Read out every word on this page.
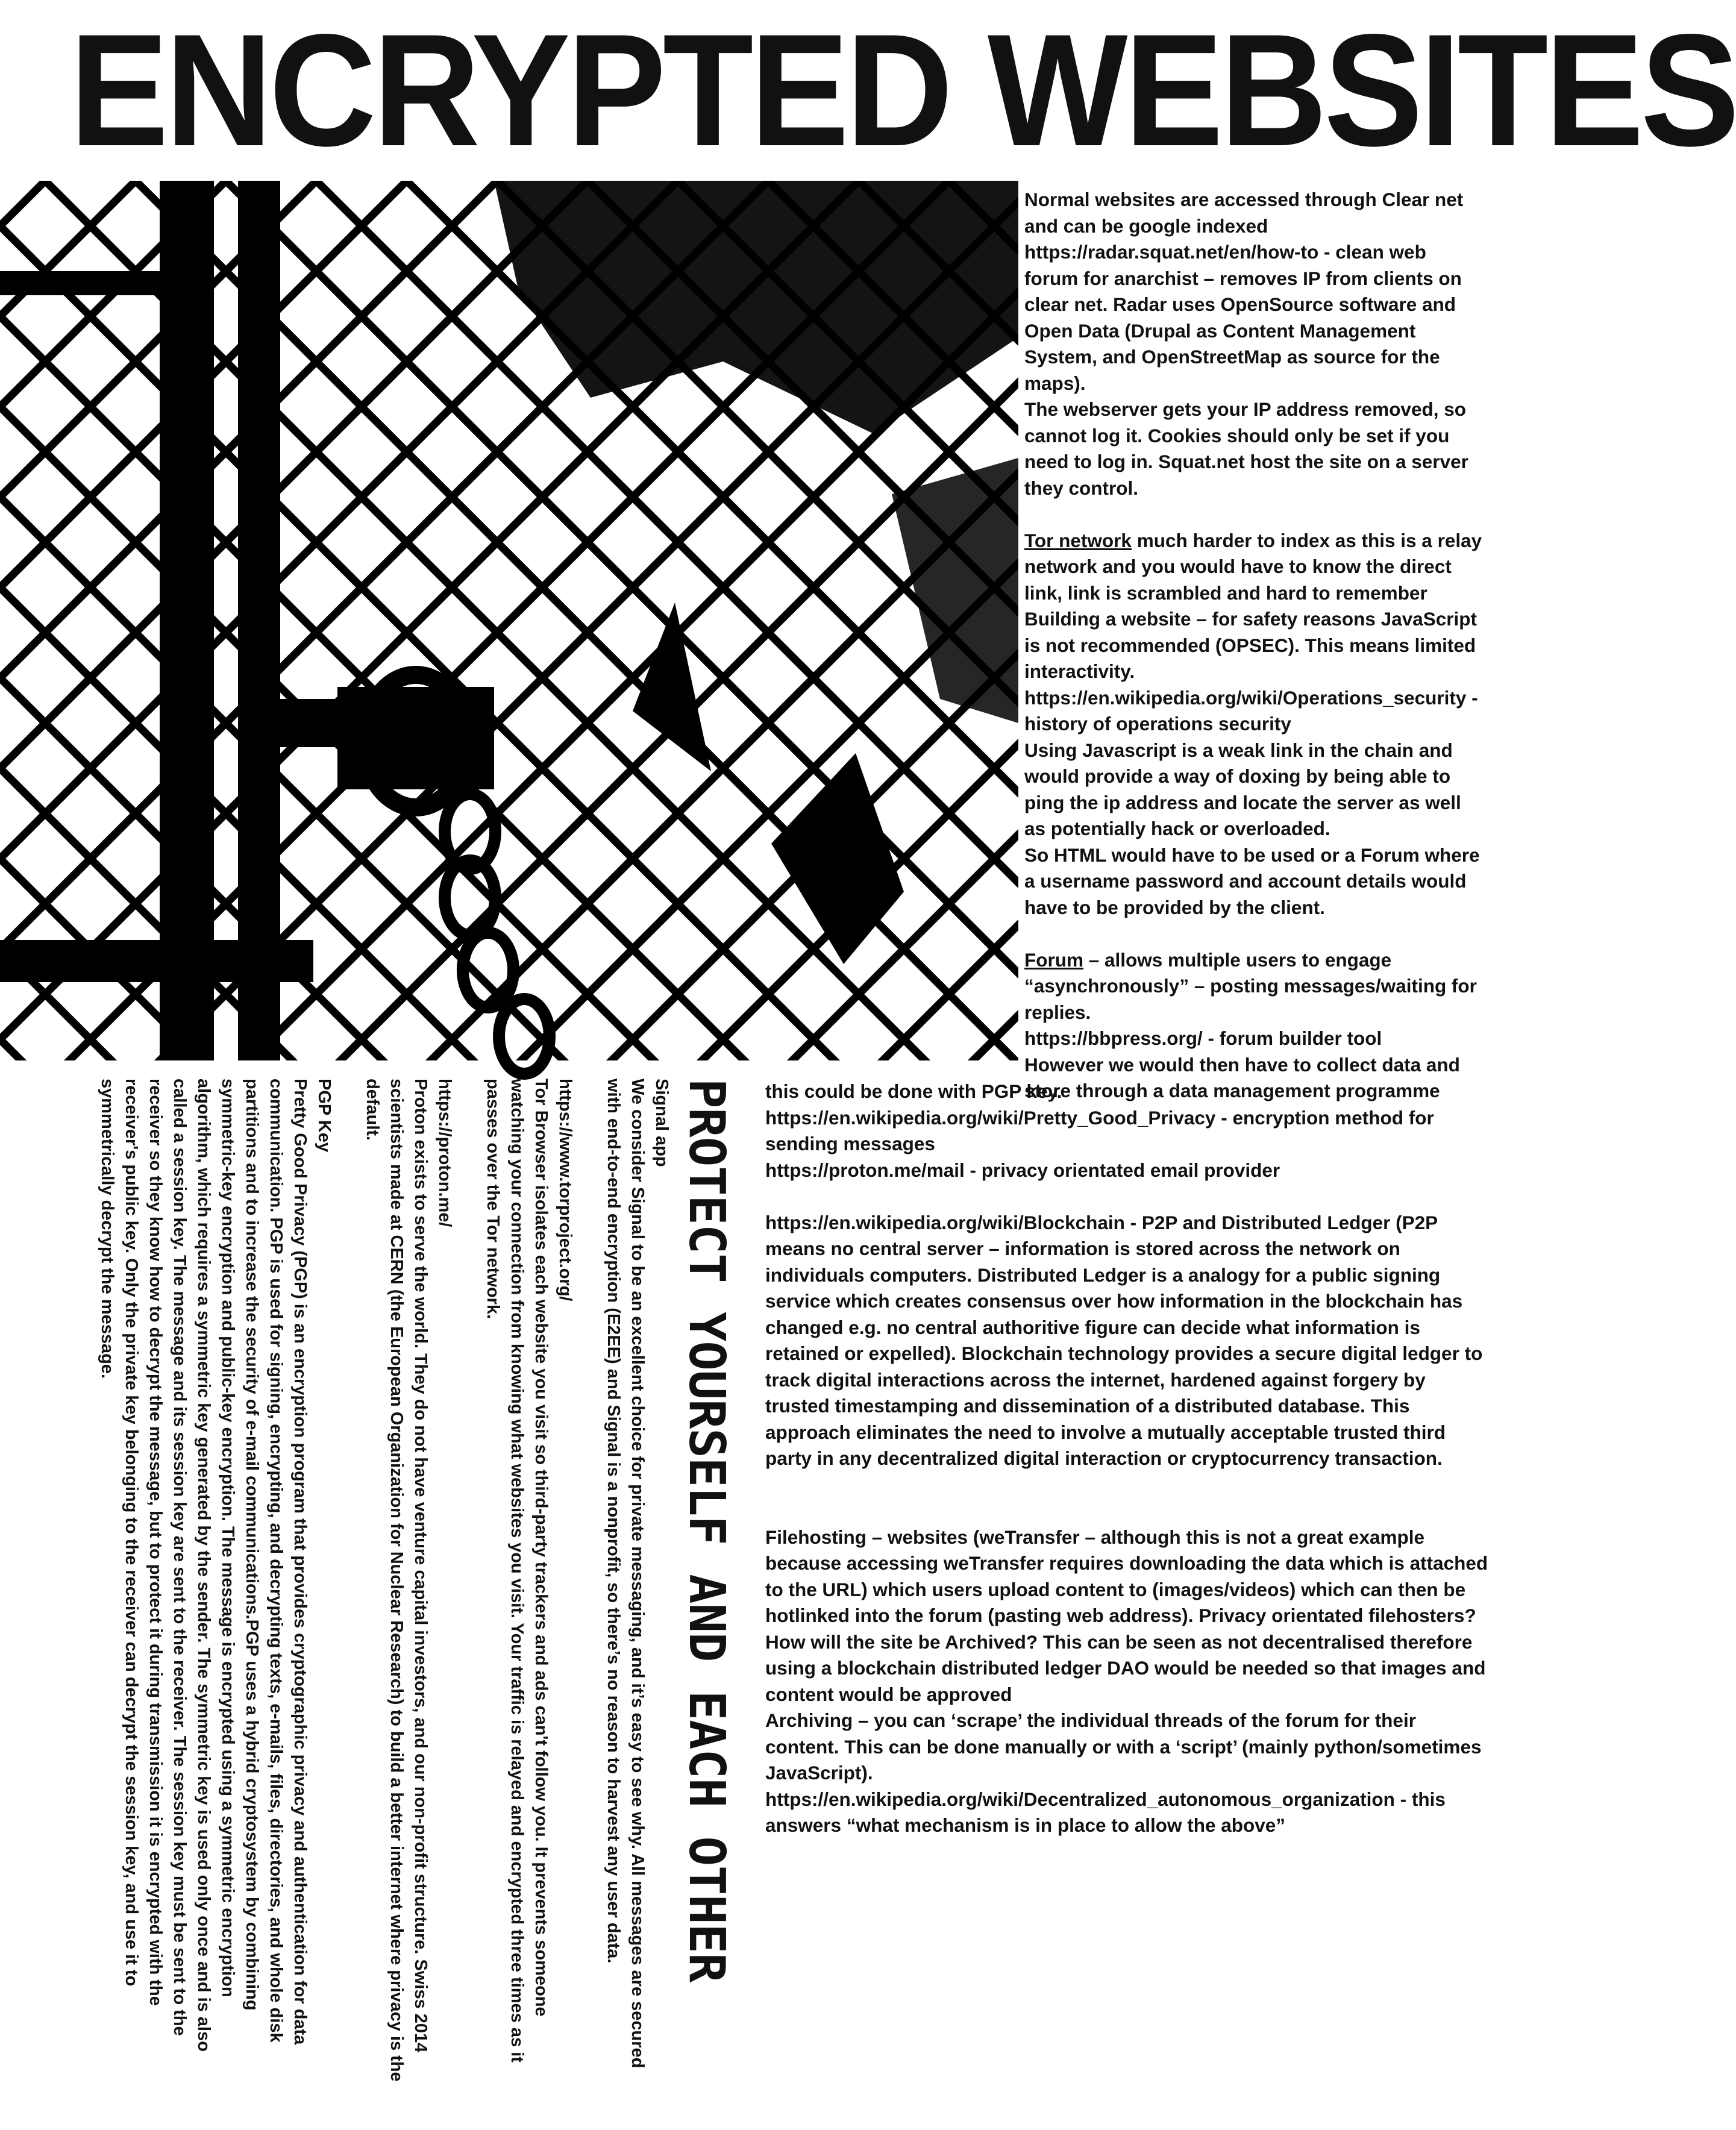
ENCRYPTED WEBSITES

Normal websites are accessed through Clear net and can be google indexed

https://radar.squat.net/en/how-to - clean web forum for anarchist – removes IP from clients on clear net. Radar uses OpenSource software and Open Data (Drupal as Content Management System, and OpenStreetMap as source for the maps).

The webserver gets your IP address removed, so cannot log it. Cookies should only be set if you need to log in. Squat.net host the site on a server they control.

Tor network much harder to index as this is a relay network and you would have to know the direct link, link is scrambled and hard to remember

Building a website – for safety reasons JavaScript is not recommended (OPSEC). This means limited interactivity.

https://en.wikipedia.org/wiki/Operations_security - history of operations security

Using Javascript is a weak link in the chain and would provide a way of doxing by being able to ping the ip address and locate the server as well as potentially hack or overloaded.

So HTML would have to be used or a Forum where a username password and account details would have to be provided by the client.

Forum – allows multiple users to engage “asynchronously” – posting messages/waiting for replies.

https://bbpress.org/ - forum builder tool

However we would then have to collect data and store through a data management programme

this could be done with PGP key.

https://en.wikipedia.org/wiki/Pretty_Good_Privacy - encryption method for sending messages

https://proton.me/mail - privacy orientated email provider

https://en.wikipedia.org/wiki/Blockchain - P2P and Distributed Ledger (P2P means no central server – information is stored across the network on individuals computers. Distributed Ledger is a analogy for a public signing service which creates consensus over how information in the blockchain has changed e.g. no central authoritive figure can decide what information is retained or expelled). Blockchain technology provides a secure digital ledger to track digital interactions across the internet, hardened against forgery by trusted timestamping and dissemination of a distributed database. This approach eliminates the need to involve a mutually acceptable trusted third party in any decentralized digital interaction or cryptocurrency transaction.

Filehosting – websites (weTransfer – although this is not a great example because accessing weTransfer requires downloading the data which is attached to the URL) which users upload content to (images/videos) which can then be hotlinked into the forum (pasting web address). Privacy orientated filehosters? How will the site be Archived? This can be seen as not decentralised therefore using a blockchain distributed ledger DAO would be needed so that images and content would be approved

Archiving – you can ‘scrape’ the individual threads of the forum for their content. This can be done manually or with a ‘script’ (mainly python/sometimes JavaScript).

https://en.wikipedia.org/wiki/Decentralized_autonomous_organization - this answers “what mechanism is in place to allow the above”

PROTECT YOURSELF AND EACH OTHER

Signal app

We consider Signal to be an excellent choice for private messaging, and it’s easy to see why. All messages are secured with end-to-end encryption (E2EE) and Signal is a nonprofit, so there’s no reason to harvest any user data.

https://www.torproject.org/

Tor Browser isolates each website you visit so third-party trackers and ads can't follow you. It prevents someone watching your connection from knowing what websites you visit. Your traffic is relayed and encrypted three times as it passes over the Tor network.

https://proton.me/

Proton exists to serve the world. They do not have venture capital investors, and our non-profit structure. Swiss 2014 scientists made at CERN (the European Organization for Nuclear Research) to build a better internet where privacy is the default.

PGP Key

Pretty Good Privacy (PGP) is an encryption program that provides cryptographic privacy and authentication for data communication. PGP is used for signing, encrypting, and decrypting texts, e-mails, files, directories, and whole disk partitions and to increase the security of e-mail communications.PGP uses a hybrid cryptosystem by combining symmetric-key encryption and public-key encryption. The message is encrypted using a symmetric encryption algorithm, which requires a symmetric key generated by the sender. The symmetric key is used only once and is also called a session key. The message and its session key are sent to the receiver. The session key must be sent to the receiver so they know how to decrypt the message, but to protect it during transmission it is encrypted with the receiver's public key. Only the private key belonging to the receiver can decrypt the session key, and use it to symmetrically decrypt the message.
